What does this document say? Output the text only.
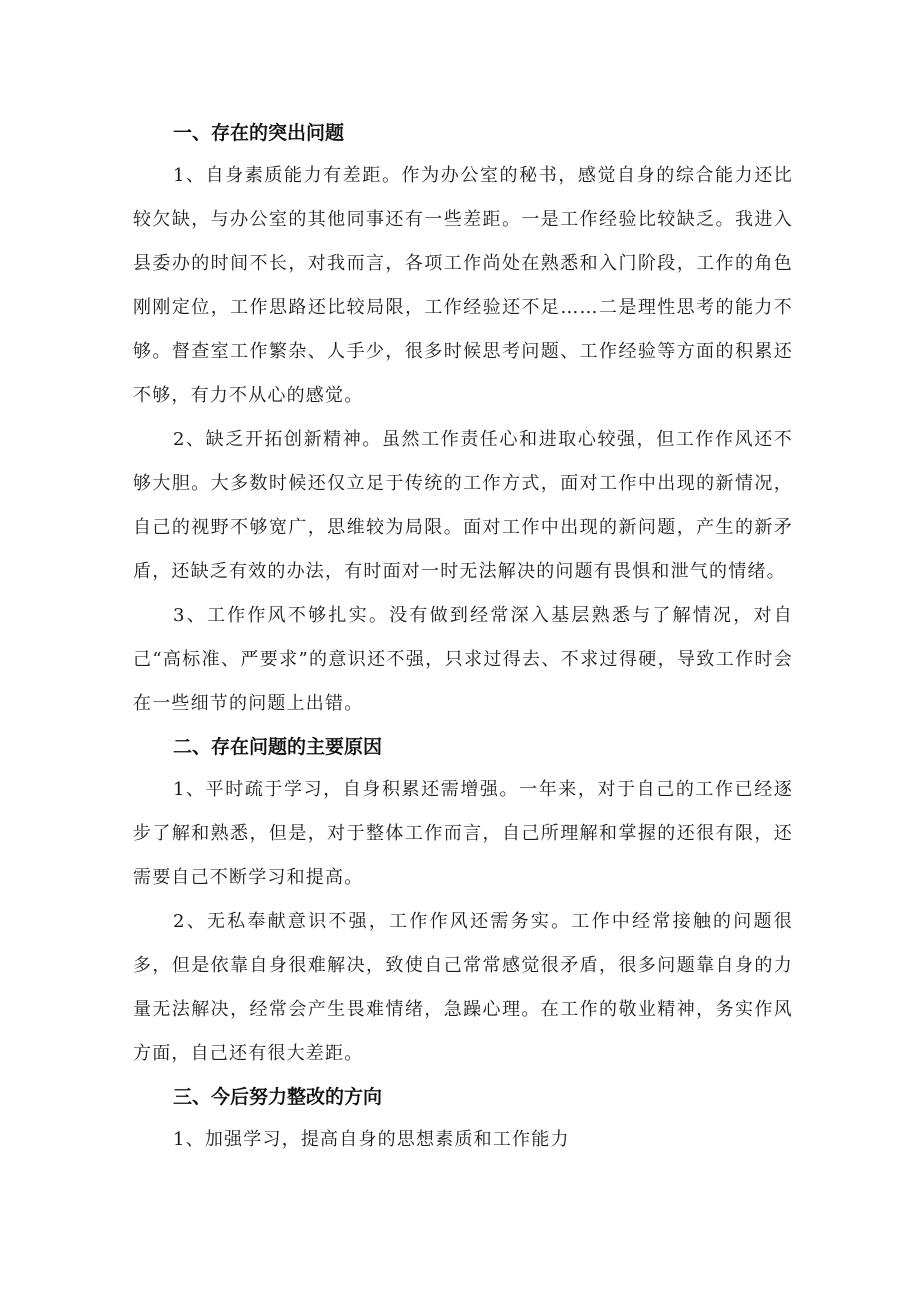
一、存在的突出问题

1、自身素质能力有差距。作为办公室的秘书，感觉自身的综合能力还比较欠缺，与办公室的其他同事还有一些差距。一是工作经验比较缺乏。我进入县委办的时间不长，对我而言，各项工作尚处在熟悉和入门阶段，工作的角色刚刚定位，工作思路还比较局限，工作经验还不足……二是理性思考的能力不够。督查室工作繁杂、人手少，很多时候思考问题、工作经验等方面的积累还不够，有力不从心的感觉。

2、缺乏开拓创新精神。虽然工作责任心和进取心较强，但工作作风还不够大胆。大多数时候还仅立足于传统的工作方式，面对工作中出现的新情况，自己的视野不够宽广，思维较为局限。面对工作中出现的新问题，产生的新矛盾，还缺乏有效的办法，有时面对一时无法解决的问题有畏惧和泄气的情绪。

3、工作作风不够扎实。没有做到经常深入基层熟悉与了解情况，对自己“高标准、严要求”的意识还不强，只求过得去、不求过得硬，导致工作时会在一些细节的问题上出错。

二、存在问题的主要原因

1、平时疏于学习，自身积累还需增强。一年来，对于自己的工作已经逐步了解和熟悉，但是，对于整体工作而言，自己所理解和掌握的还很有限，还需要自己不断学习和提高。

2、无私奉献意识不强，工作作风还需务实。工作中经常接触的问题很多，但是依靠自身很难解决，致使自己常常感觉很矛盾，很多问题靠自身的力量无法解决，经常会产生畏难情绪，急躁心理。在工作的敬业精神，务实作风方面，自己还有很大差距。

三、今后努力整改的方向

1、加强学习，提高自身的思想素质和工作能力
